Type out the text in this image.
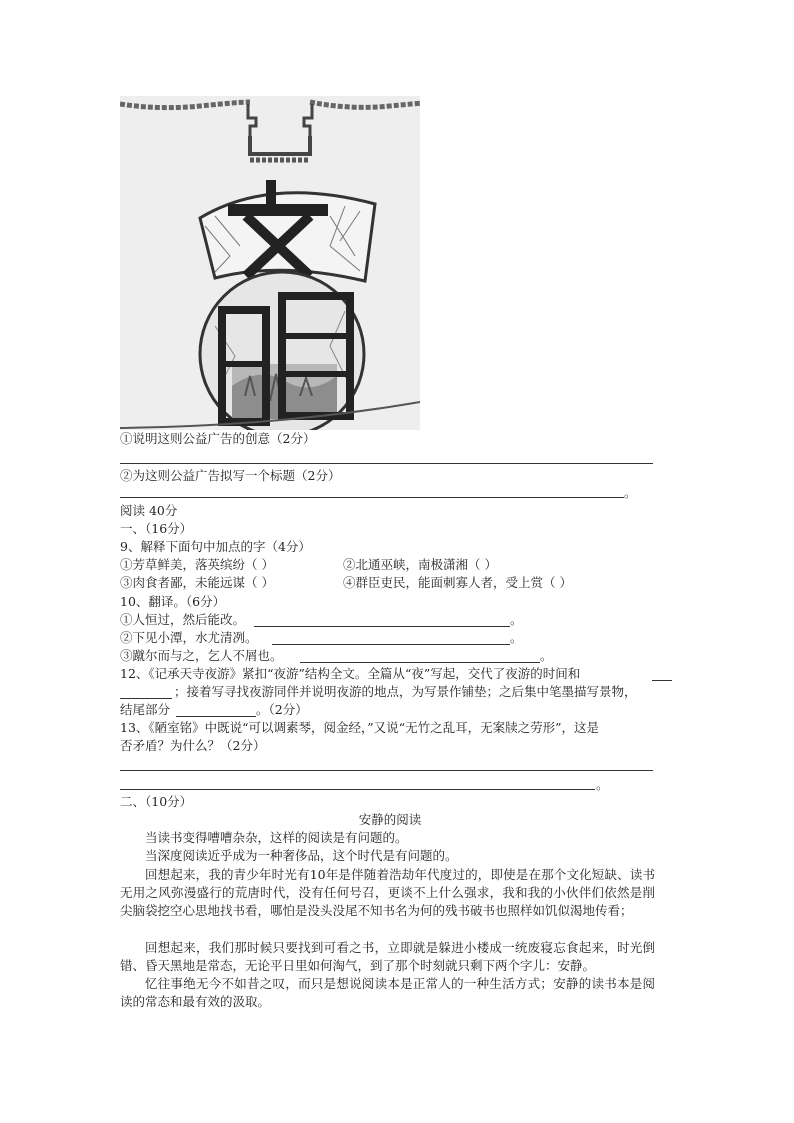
①说明这则公益广告的创意（2分）
②为这则公益广告拟写一个标题（2分）
。
阅读 40分
一、（16分）
9、解释下面句中加点的字（4分）
①芳草鲜美，落英缤纷（ ）	②北通巫峡，南极潇湘（ ）
③肉食者鄙，未能远谋（ ）	④群臣吏民，能面刺寡人者，受上赏（ ）
10、翻译。（6分）
①人恒过，然后能改。	。
②下见小潭，水尤清冽。	。
③蹴尔而与之，乞人不屑也。	。
12、《记承天寺夜游》紧扣“夜游”结构全文。全篇从“夜”写起，交代了夜游的时间和
；接着写寻找夜游同伴并说明夜游的地点，为写景作铺垫；之后集中笔墨描写景物，
结尾部分	。（2分）
13、《陋室铭》中既说“可以调素琴，阅金经，”又说“无竹之乱耳，无案牍之劳形”，这是
否矛盾？为什么？（2分）
。
二、（10分）
安静的阅读
当读书变得嘈嘈杂杂，这样的阅读是有问题的。
当深度阅读近乎成为一种奢侈品，这个时代是有问题的。
回想起来，我的青少年时光有10年是伴随着浩劫年代度过的，即使是在那个文化短缺、读书无用之风弥漫盛行的荒唐时代，没有任何号召，更谈不上什么强求，我和我的小伙伴们依然是削尖脑袋挖空心思地找书看，哪怕是没头没尾不知书名为何的残书破书也照样如饥似渴地传看；
回想起来，我们那时候只要找到可看之书，立即就是躲进小楼成一统废寝忘食起来，时光倒错、昏天黑地是常态，无论平日里如何淘气，到了那个时刻就只剩下两个字儿：安静。
忆往事绝无今不如昔之叹，而只是想说阅读本是正常人的一种生活方式；安静的读书本是阅读的常态和最有效的汲取。
